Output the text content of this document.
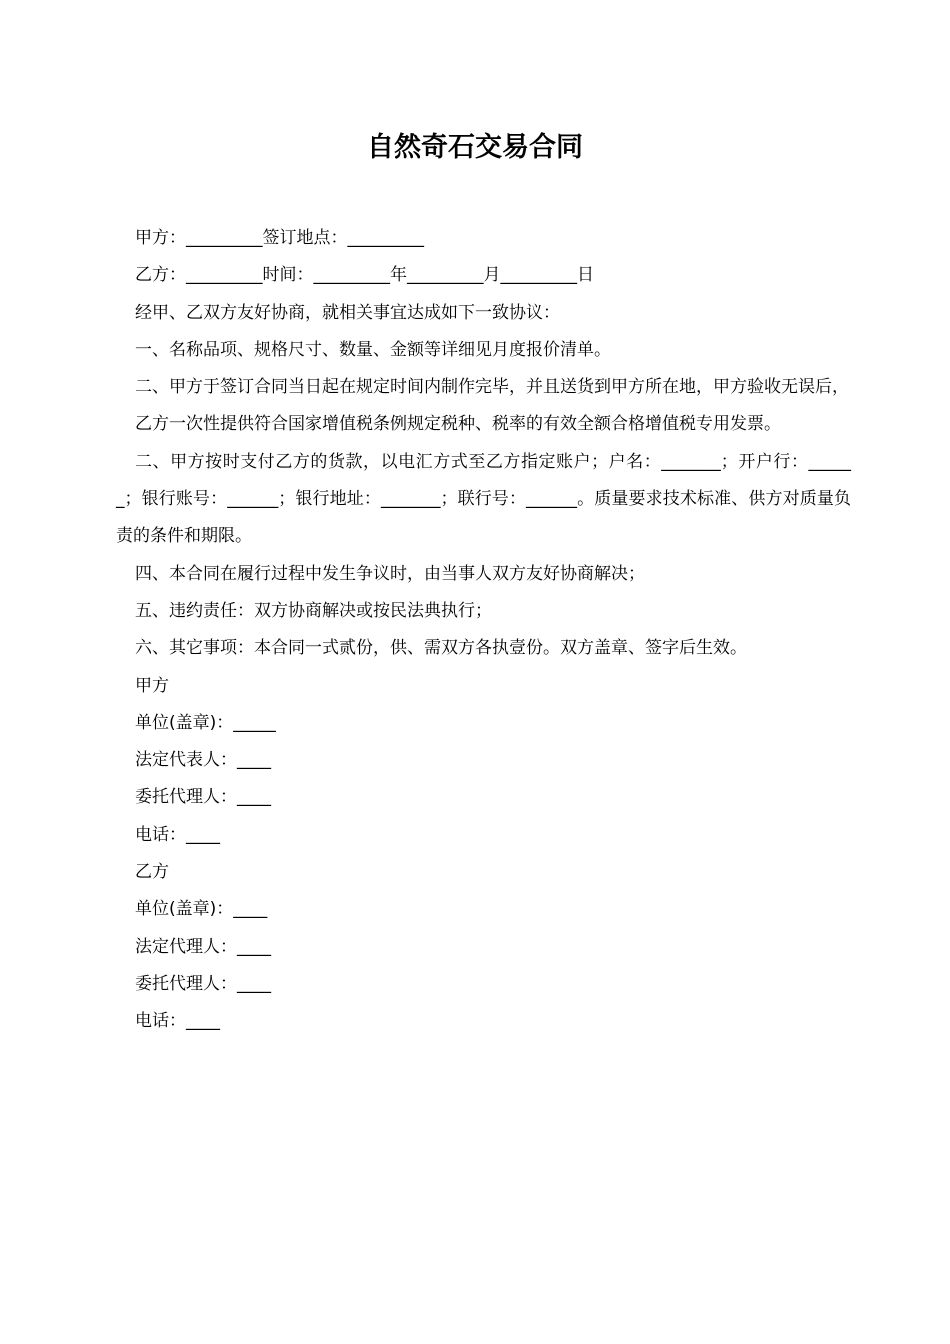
自然奇石交易合同
甲方：_________签订地点：_________
乙方：_________时间：_________年_________月_________日
经甲、乙双方友好协商，就相关事宜达成如下一致协议：
一、名称品项、规格尺寸、数量、金额等详细见月度报价清单。
二、甲方于签订合同当日起在规定时间内制作完毕，并且送货到甲方所在地，甲方验收无误后，
乙方一次性提供符合国家增值税条例规定税种、税率的有效全额合格增值税专用发票。
二、甲方按时支付乙方的货款，以电汇方式至乙方指定账户；户名：_______；开户行：______；银行账号：______；银行地址：_______；联行号：______。质量要求技术标准、供方对质量负责的条件和期限。
四、本合同在履行过程中发生争议时，由当事人双方友好协商解决；
五、违约责任：双方协商解决或按民法典执行；
六、其它事项：本合同一式贰份，供、需双方各执壹份。双方盖章、签字后生效。
甲方
单位(盖章)：_____
法定代表人：____
委托代理人：____
电话：____
乙方
单位(盖章)：____
法定代理人：____
委托代理人：____
电话：____
